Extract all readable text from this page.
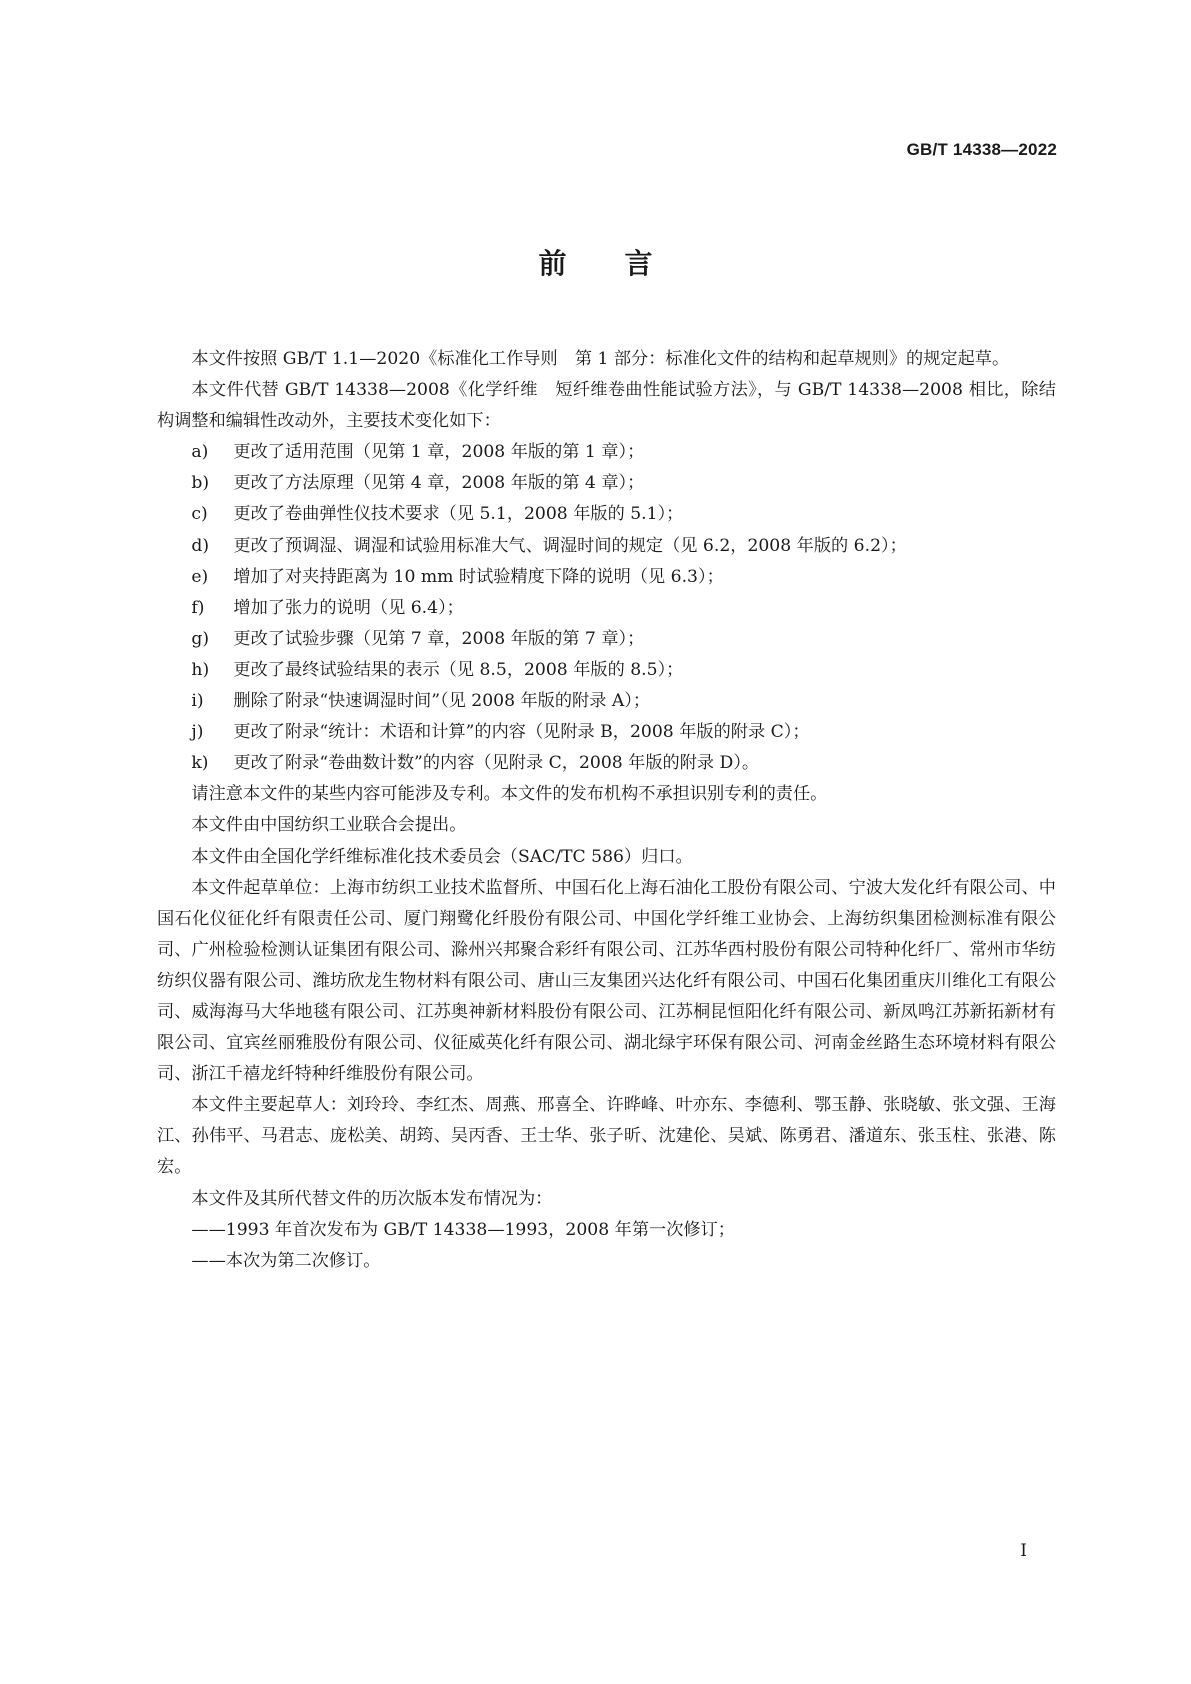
GB/T 14338—2022

前言

本文件按照 GB/T 1.1—2020《标准化工作导则　第 1 部分：标准化文件的结构和起草规则》的规定起草。

本文件代替 GB/T 14338—2008《化学纤维　短纤维卷曲性能试验方法》，与 GB/T 14338—2008 相比，除结构调整和编辑性改动外，主要技术变化如下：

a) 更改了适用范围（见第 1 章，2008 年版的第 1 章）；

b) 更改了方法原理（见第 4 章，2008 年版的第 4 章）；

c) 更改了卷曲弹性仪技术要求（见 5.1，2008 年版的 5.1）；

d) 更改了预调湿、调湿和试验用标准大气、调湿时间的规定（见 6.2，2008 年版的 6.2）；

e) 增加了对夹持距离为 10 mm 时试验精度下降的说明（见 6.3）；

f) 增加了张力的说明（见 6.4）；

g) 更改了试验步骤（见第 7 章，2008 年版的第 7 章）；

h) 更改了最终试验结果的表示（见 8.5，2008 年版的 8.5）；

i) 删除了附录“快速调湿时间”（见 2008 年版的附录 A）；

j) 更改了附录“统计：术语和计算”的内容（见附录 B，2008 年版的附录 C）；

k) 更改了附录“卷曲数计数”的内容（见附录 C，2008 年版的附录 D）。

请注意本文件的某些内容可能涉及专利。本文件的发布机构不承担识别专利的责任。

本文件由中国纺织工业联合会提出。

本文件由全国化学纤维标准化技术委员会（SAC/TC 586）归口。

本文件起草单位：上海市纺织工业技术监督所、中国石化上海石油化工股份有限公司、宁波大发化纤有限公司、中国石化仪征化纤有限责任公司、厦门翔鹭化纤股份有限公司、中国化学纤维工业协会、上海纺织集团检测标准有限公司、广州检验检测认证集团有限公司、滁州兴邦聚合彩纤有限公司、江苏华西村股份有限公司特种化纤厂、常州市华纺纺织仪器有限公司、潍坊欣龙生物材料有限公司、唐山三友集团兴达化纤有限公司、中国石化集团重庆川维化工有限公司、威海海马大华地毯有限公司、江苏奥神新材料股份有限公司、江苏桐昆恒阳化纤有限公司、新凤鸣江苏新拓新材有限公司、宜宾丝丽雅股份有限公司、仪征威英化纤有限公司、湖北绿宇环保有限公司、河南金丝路生态环境材料有限公司、浙江千禧龙纤特种纤维股份有限公司。

本文件主要起草人：刘玲玲、李红杰、周燕、邢喜全、许晔峰、叶亦东、李德利、鄂玉静、张晓敏、张文强、王海江、孙伟平、马君志、庞松美、胡筠、吴丙香、王士华、张子昕、沈建伦、吴斌、陈勇君、潘道东、张玉柱、张港、陈宏。

本文件及其所代替文件的历次版本发布情况为：

——1993 年首次发布为 GB/T 14338—1993，2008 年第一次修订；

——本次为第二次修订。

I
